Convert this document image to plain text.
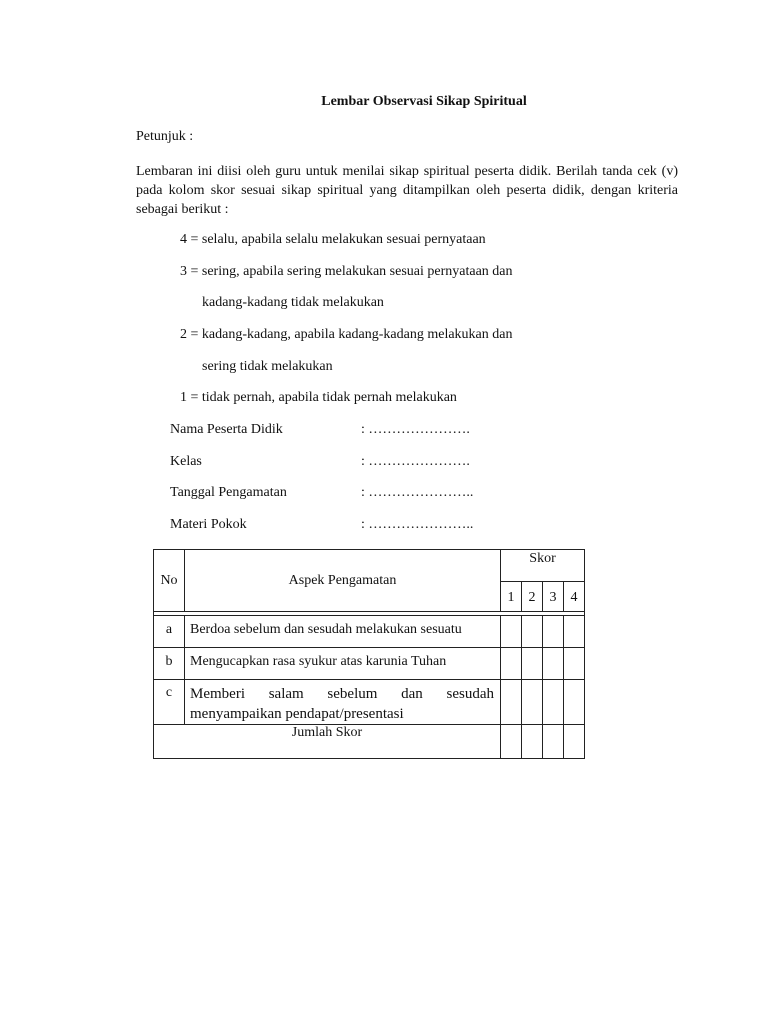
Lembar Observasi Sikap Spiritual
Petunjuk :
Lembaran ini diisi oleh guru untuk menilai sikap spiritual peserta didik. Berilah tanda cek (v) pada kolom skor sesuai sikap spiritual yang ditampilkan oleh peserta didik, dengan kriteria sebagai berikut :
4 = selalu, apabila selalu melakukan sesuai pernyataan
3 = sering, apabila sering melakukan sesuai pernyataan dan
kadang-kadang tidak melakukan
2 = kadang-kadang, apabila kadang-kadang melakukan dan
sering tidak melakukan
1 = tidak pernah, apabila tidak pernah melakukan
Nama Peserta Didik	: ………………….
Kelas	: ………………….
Tanggal Pengamatan	: …………………..
Materi Pokok	: …………………..
No	Aspek Pengamatan	Skor			
		1	2	3	4

a	Berdoa sebelum dan sesudah melakukan sesuatu				
b	Mengucapkan rasa syukur atas karunia Tuhan				
c	Memberi salam sebelum dan sesudah
menyampaikan pendapat/presentasi				

Jumlah Skor					
